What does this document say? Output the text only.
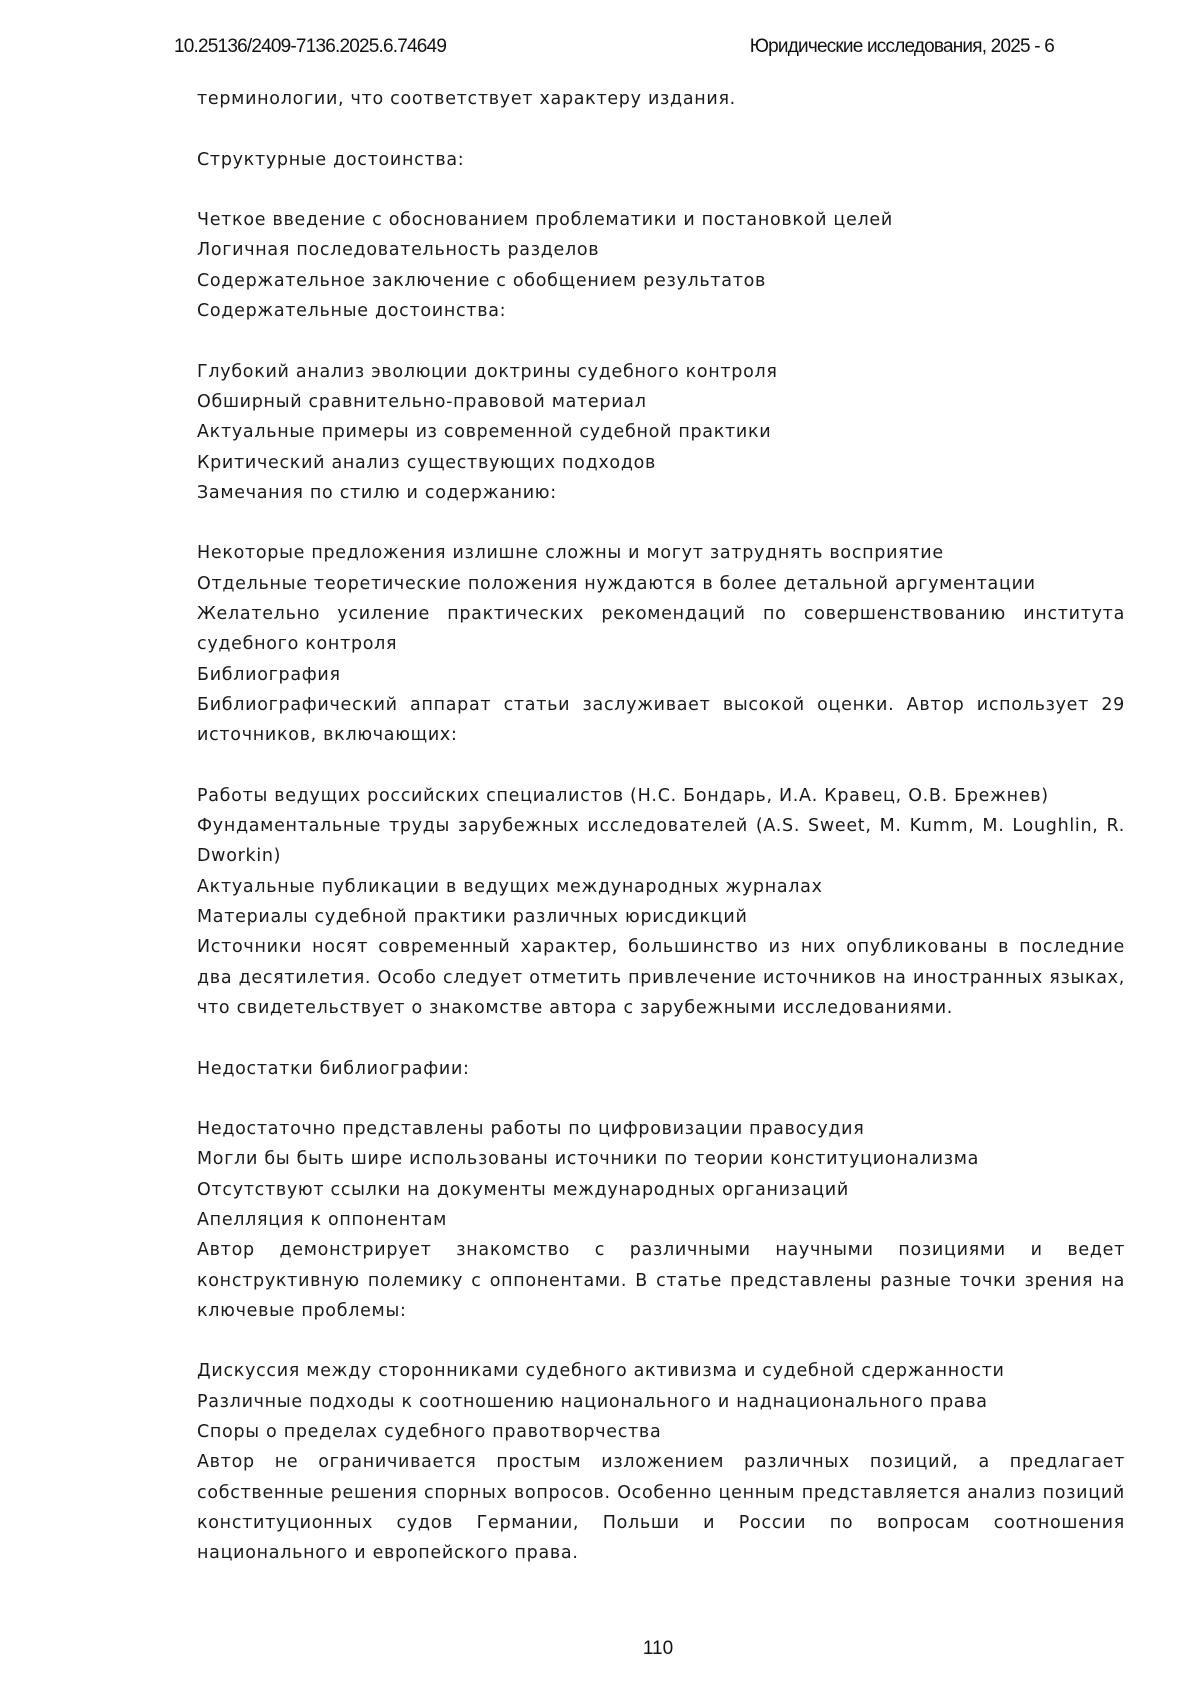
10.25136/2409-7136.2025.6.74649	Юридические исследования, 2025 - 6
терминологии, что соответствует характеру издания.
Структурные достоинства:
Четкое введение с обоснованием проблематики и постановкой целей
Логичная последовательность разделов
Содержательное заключение с обобщением результатов
Содержательные достоинства:
Глубокий анализ эволюции доктрины судебного контроля
Обширный сравнительно-правовой материал
Актуальные примеры из современной судебной практики
Критический анализ существующих подходов
Замечания по стилю и содержанию:
Некоторые предложения излишне сложны и могут затруднять восприятие
Отдельные теоретические положения нуждаются в более детальной аргументации
Желательно усиление практических рекомендаций по совершенствованию института судебного контроля
Библиография
Библиографический аппарат статьи заслуживает высокой оценки. Автор использует 29 источников, включающих:
Работы ведущих российских специалистов (Н.С. Бондарь, И.А. Кравец, О.В. Брежнев)
Фундаментальные труды зарубежных исследователей (A.S. Sweet, M. Kumm, M. Loughlin, R. Dworkin)
Актуальные публикации в ведущих международных журналах
Материалы судебной практики различных юрисдикций
Источники носят современный характер, большинство из них опубликованы в последние два десятилетия. Особо следует отметить привлечение источников на иностранных языках, что свидетельствует о знакомстве автора с зарубежными исследованиями.
Недостатки библиографии:
Недостаточно представлены работы по цифровизации правосудия
Могли бы быть шире использованы источники по теории конституционализма
Отсутствуют ссылки на документы международных организаций
Апелляция к оппонентам
Автор демонстрирует знакомство с различными научными позициями и ведет конструктивную полемику с оппонентами. В статье представлены разные точки зрения на ключевые проблемы:
Дискуссия между сторонниками судебного активизма и судебной сдержанности
Различные подходы к соотношению национального и наднационального права
Споры о пределах судебного правотворчества
Автор не ограничивается простым изложением различных позиций, а предлагает собственные решения спорных вопросов. Особенно ценным представляется анализ позиций конституционных судов Германии, Польши и России по вопросам соотношения национального и европейского права.
110
